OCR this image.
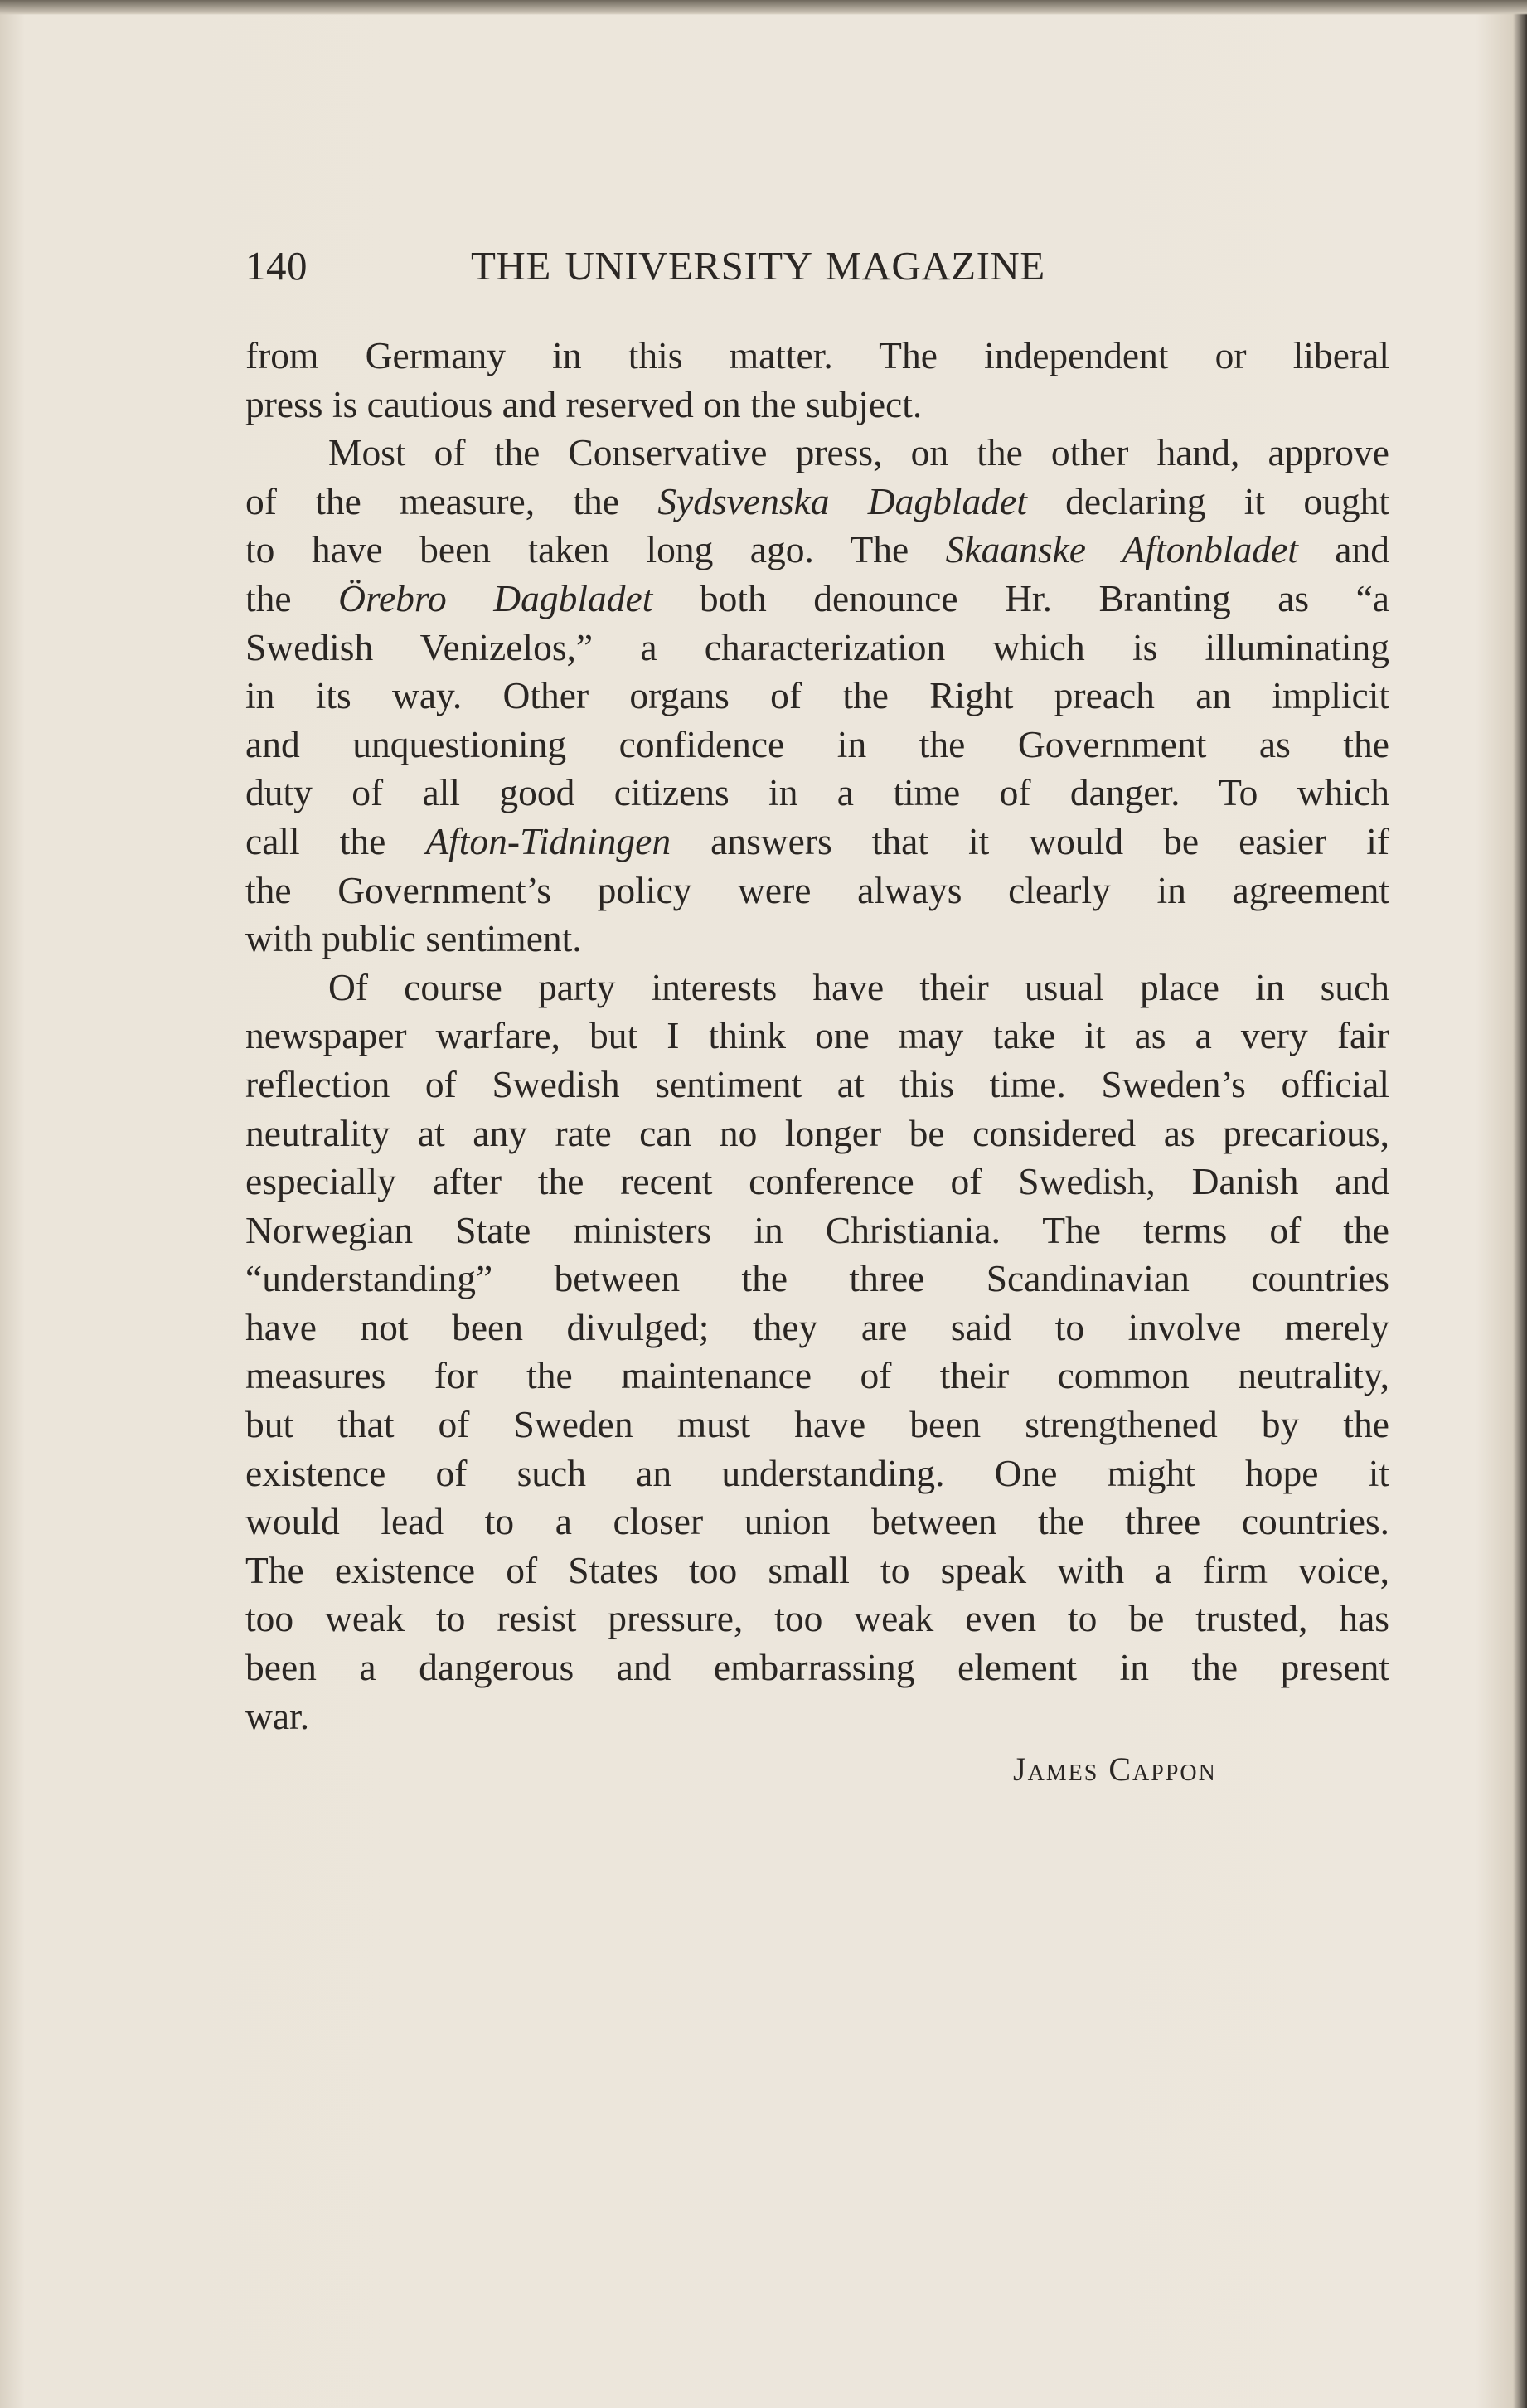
140	THE UNIVERSITY MAGAZINE
from Germany in this matter. The independent or liberal
press is cautious and reserved on the subject.
Most of the Conservative press, on the other hand, approve
of the measure, the Sydsvenska Dagbladet declaring it ought
to have been taken long ago. The Skaanske Aftonbladet and
the Örebro Dagbladet both denounce Hr. Branting as “a
Swedish Venizelos,” a characterization which is illuminating
in its way. Other organs of the Right preach an implicit
and unquestioning confidence in the Government as the
duty of all good citizens in a time of danger. To which
call the Afton-Tidningen answers that it would be easier if
the Government’s policy were always clearly in agreement
with public sentiment.
Of course party interests have their usual place in such
newspaper warfare, but I think one may take it as a very fair
reflection of Swedish sentiment at this time. Sweden’s official
neutrality at any rate can no longer be considered as precarious,
especially after the recent conference of Swedish, Danish and
Norwegian State ministers in Christiania. The terms of the
“understanding” between the three Scandinavian countries
have not been divulged; they are said to involve merely
measures for the maintenance of their common neutrality,
but that of Sweden must have been strengthened by the
existence of such an understanding. One might hope it
would lead to a closer union between the three countries.
The existence of States too small to speak with a firm voice,
too weak to resist pressure, too weak even to be trusted, has
been a dangerous and embarrassing element in the present
war.
James Cappon
